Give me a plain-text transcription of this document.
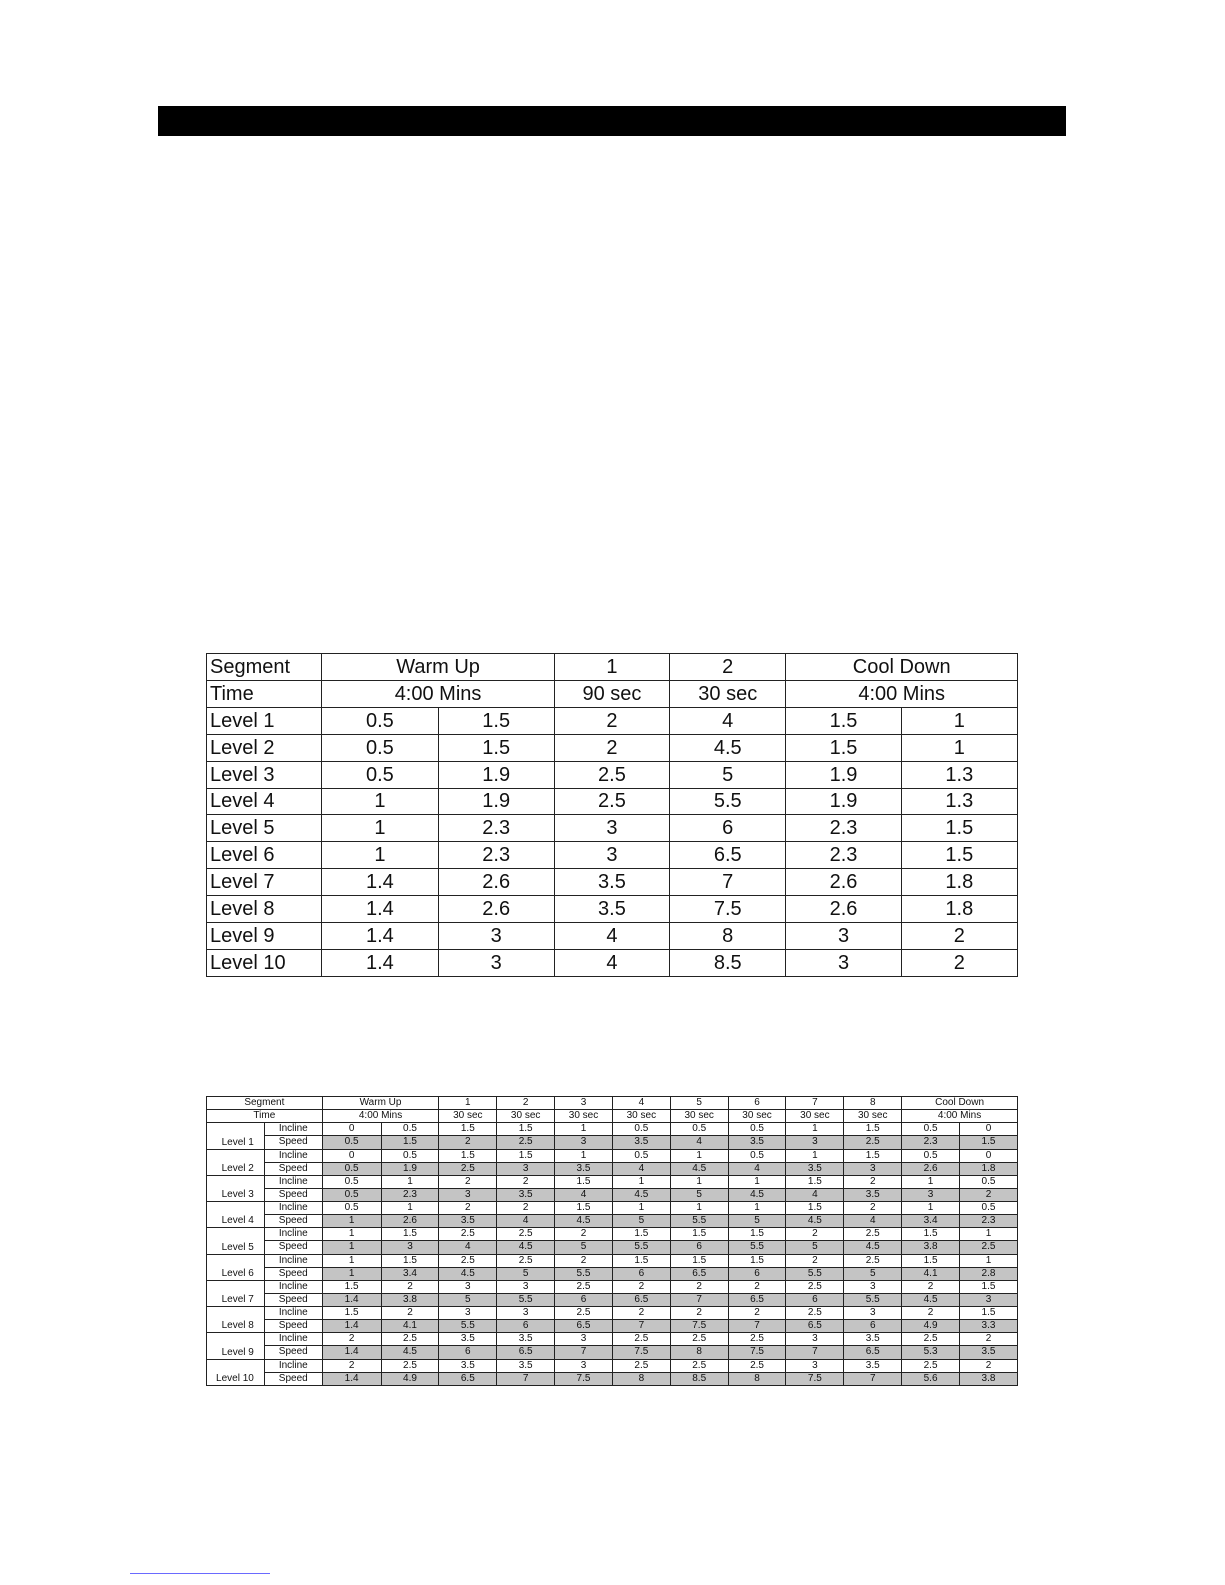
Segment	Warm Up		1	2	Cool Down	
Time	4:00 Mins		90 sec	30 sec	4:00 Mins	
Level 1	0.5	1.5	2	4	1.5	1
Level 2	0.5	1.5	2	4.5	1.5	1
Level 3	0.5	1.9	2.5	5	1.9	1.3
Level 4	1	1.9	2.5	5.5	1.9	1.3
Level 5	1	2.3	3	6	2.3	1.5
Level 6	1	2.3	3	6.5	2.3	1.5
Level 7	1.4	2.6	3.5	7	2.6	1.8
Level 8	1.4	2.6	3.5	7.5	2.6	1.8
Level 9	1.4	3	4	8	3	2
Level 10	1.4	3	4	8.5	3	2
Segment		Warm Up		1	2	3	4	5	6	7	8	Cool Down	
Time		4:00 Mins		30 sec	30 sec	30 sec	30 sec	30 sec	30 sec	30 sec	30 sec	4:00 Mins	
Level 1	Incline	0	0.5	1.5	1.5	1	0.5	0.5	0.5	1	1.5	0.5	0
	Speed	0.5	1.5	2	2.5	3	3.5	4	3.5	3	2.5	2.3	1.5
Level 2	Incline	0	0.5	1.5	1.5	1	0.5	1	0.5	1	1.5	0.5	0
	Speed	0.5	1.9	2.5	3	3.5	4	4.5	4	3.5	3	2.6	1.8
Level 3	Incline	0.5	1	2	2	1.5	1	1	1	1.5	2	1	0.5
	Speed	0.5	2.3	3	3.5	4	4.5	5	4.5	4	3.5	3	2
Level 4	Incline	0.5	1	2	2	1.5	1	1	1	1.5	2	1	0.5
	Speed	1	2.6	3.5	4	4.5	5	5.5	5	4.5	4	3.4	2.3
Level 5	Incline	1	1.5	2.5	2.5	2	1.5	1.5	1.5	2	2.5	1.5	1
	Speed	1	3	4	4.5	5	5.5	6	5.5	5	4.5	3.8	2.5
Level 6	Incline	1	1.5	2.5	2.5	2	1.5	1.5	1.5	2	2.5	1.5	1
	Speed	1	3.4	4.5	5	5.5	6	6.5	6	5.5	5	4.1	2.8
Level 7	Incline	1.5	2	3	3	2.5	2	2	2	2.5	3	2	1.5
	Speed	1.4	3.8	5	5.5	6	6.5	7	6.5	6	5.5	4.5	3
Level 8	Incline	1.5	2	3	3	2.5	2	2	2	2.5	3	2	1.5
	Speed	1.4	4.1	5.5	6	6.5	7	7.5	7	6.5	6	4.9	3.3
Level 9	Incline	2	2.5	3.5	3.5	3	2.5	2.5	2.5	3	3.5	2.5	2
	Speed	1.4	4.5	6	6.5	7	7.5	8	7.5	7	6.5	5.3	3.5
Level 10	Incline	2	2.5	3.5	3.5	3	2.5	2.5	2.5	3	3.5	2.5	2
	Speed	1.4	4.9	6.5	7	7.5	8	8.5	8	7.5	7	5.6	3.8
